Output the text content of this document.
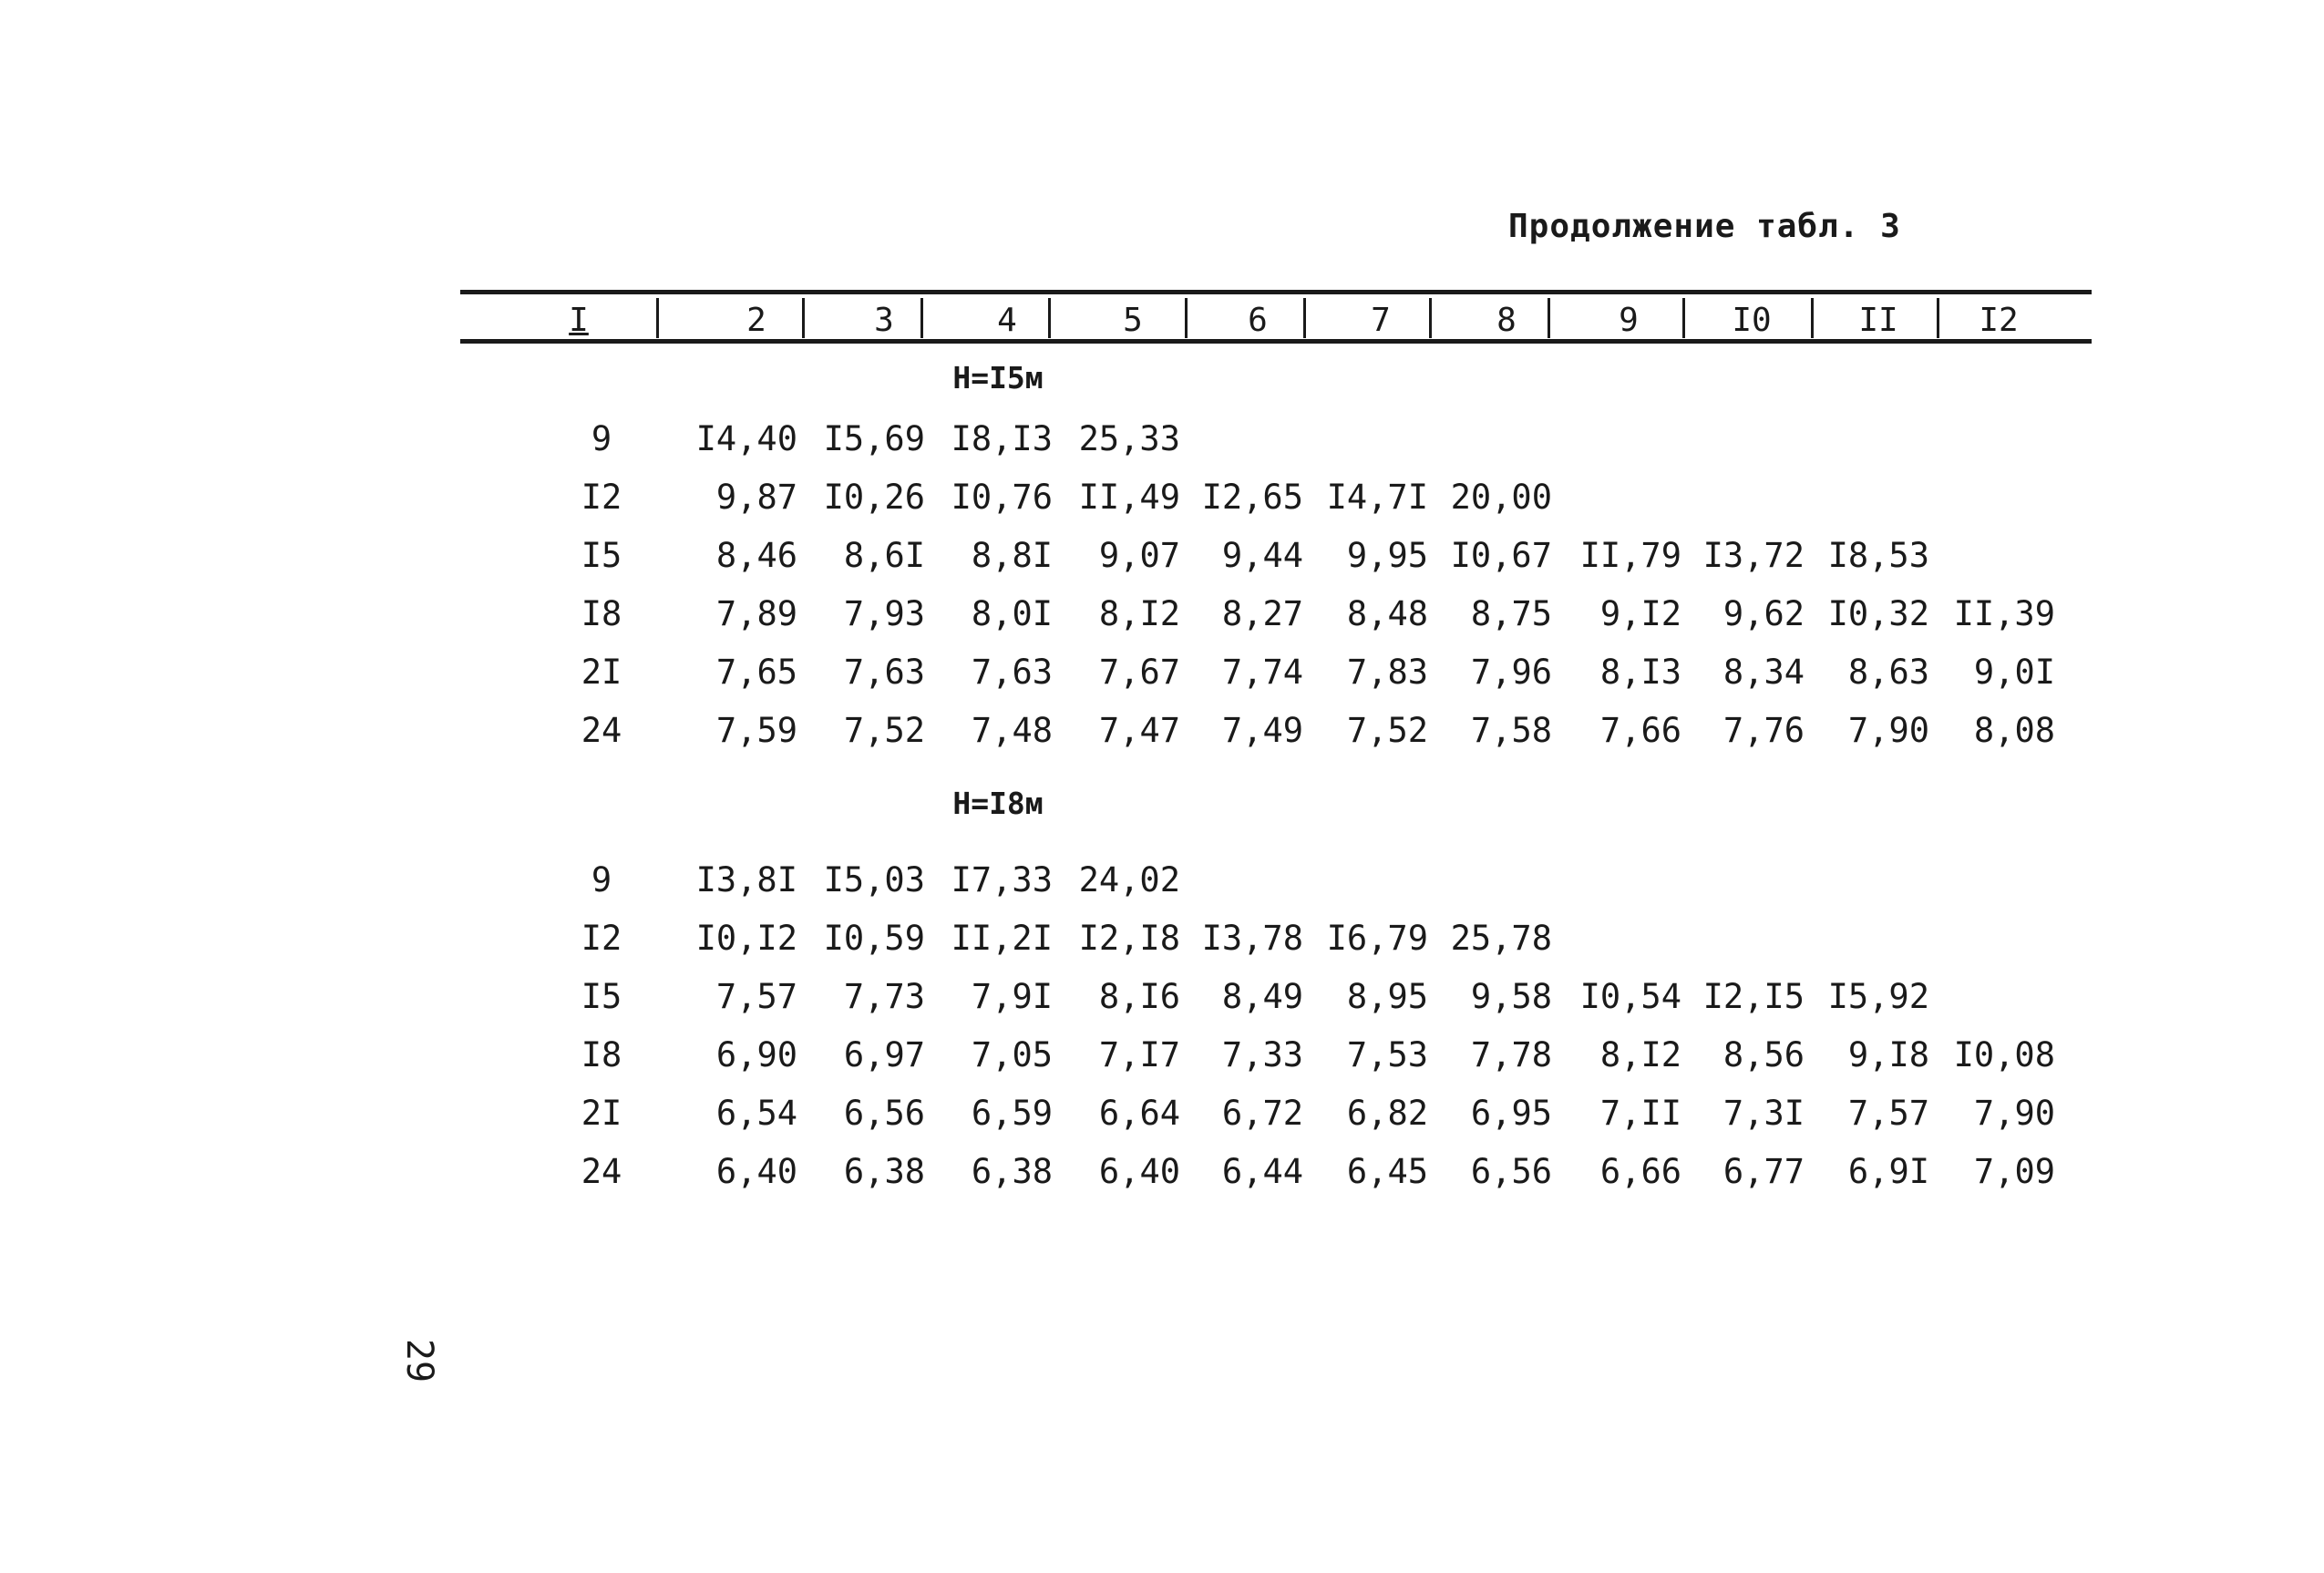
Продолжение табл. 3
I	2	3	4	5	6	7	8	9	I0	II	I2
H=I5м
9	I4,40 I5,69 I8,I3 25,33
I2	9,87 I0,26 I0,76 II,49 I2,65 I4,7I 20,00
I5	8,46	8,6I	8,8I	9,07	9,44	9,95 I0,67 II,79 I3,72 I8,53
I8	7,89	7,93	8,0I	8,I2	8,27	8,48	8,75	9,I2	9,62 I0,32 II,39
2I	7,65	7,63	7,63	7,67	7,74	7,83	7,96	8,I3	8,34	8,63	9,0I
24	7,59	7,52	7,48	7,47	7,49	7,52	7,58	7,66	7,76	7,90	8,08
H=I8м
9	I3,8I I5,03 I7,33 24,02
I2	I0,I2 I0,59 II,2I I2,I8 I3,78 I6,79 25,78
I5	7,57	7,73	7,9I	8,I6	8,49	8,95	9,58 I0,54 I2,I5 I5,92
I8	6,90	6,97	7,05	7,I7	7,33	7,53	7,78	8,I2	8,56	9,I8 I0,08
2I	6,54	6,56	6,59	6,64	6,72	6,82	6,95	7,II	7,3I	7,57	7,90
24	6,40	6,38	6,38	6,40	6,44	6,45	6,56	6,66	6,77	6,9I	7,09
29
